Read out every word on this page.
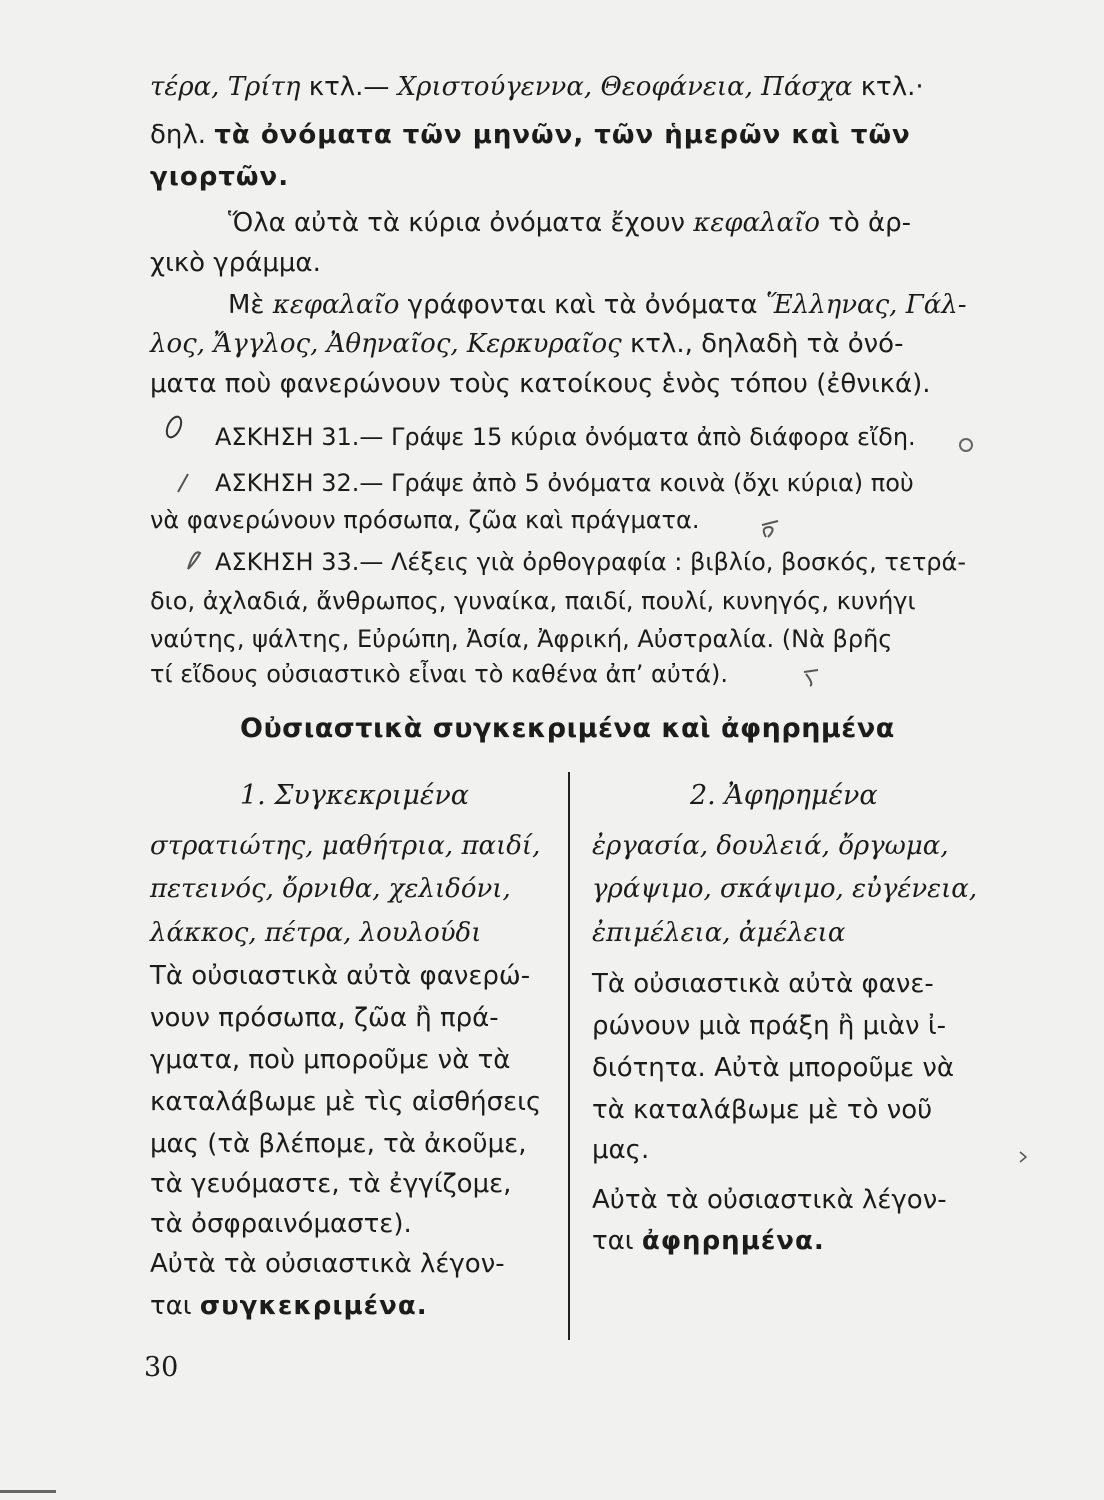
τέρα, Τρίτη κτλ.— Χριστούγεννα, Θεοφάνεια, Πάσχα κτλ.·
δηλ. τὰ ὀνόματα τῶν μηνῶν, τῶν ἡμερῶν καὶ τῶν
γιορτῶν.
Ὅλα αὐτὰ τὰ κύρια ὀνόματα ἔχουν κεφαλαῖο τὸ ἀρ-
χικὸ γράμμα.
Μὲ κεφαλαῖο γράφονται καὶ τὰ ὀνόματα Ἕλληνας, Γάλ-
λος, Ἄγγλος, Ἀθηναῖος, Κερκυραῖος κτλ., δηλαδὴ τὰ ὀνό-
ματα ποὺ φανερώνουν τοὺς κατοίκους ἑνὸς τόπου (ἐθνικά).
ΑΣΚΗΣΗ 31.— Γράψε 15 κύρια ὀνόματα ἀπὸ διάφορα εἴδη.
ΑΣΚΗΣΗ 32.— Γράψε ἀπὸ 5 ὀνόματα κοινὰ (ὄχι κύρια) ποὺ
νὰ φανερώνουν πρόσωπα, ζῶα καὶ πράγματα.
ΑΣΚΗΣΗ 33.— Λέξεις γιὰ ὀρθογραφία : βιβλίο, βοσκός, τετρά-
διο, ἀχλαδιά, ἄνθρωπος, γυναίκα, παιδί, πουλί, κυνηγός, κυνήγι
ναύτης, ψάλτης, Εὐρώπη, Ἀσία, Ἀφρική, Αὐστραλία. (Νὰ βρῆς
τί εἴδους οὐσιαστικὸ εἶναι τὸ καθένα ἀπ’ αὐτά).
Οὐσιαστικὰ συγκεκριμένα καὶ ἀφηρημένα
1. Συγκεκριμένα
στρατιώτης, μαθήτρια, παιδί,
πετεινός, ὄρνιθα, χελιδόνι,
λάκκος, πέτρα, λουλούδι
Τὰ οὐσιαστικὰ αὐτὰ φανερώ-
νουν πρόσωπα, ζῶα ἢ πρά-
γματα, ποὺ μποροῦμε νὰ τὰ
καταλάβωμε μὲ τὶς αἰσθήσεις
μας (τὰ βλέπομε, τὰ ἀκοῦμε,
τὰ γευόμαστε, τὰ ἐγγίζομε,
τὰ ὀσφραινόμαστε).
Αὐτὰ τὰ οὐσιαστικὰ λέγον-
ται συγκεκριμένα.
2. Ἀφηρημένα
ἐργασία, δουλειά, ὄργωμα,
γράψιμο, σκάψιμο, εὐγένεια,
ἐπιμέλεια, ἀμέλεια
Τὰ οὐσιαστικὰ αὐτὰ φανε-
ρώνουν μιὰ πράξη ἢ μιὰν ἰ-
διότητα. Αὐτὰ μποροῦμε νὰ
τὰ καταλάβωμε μὲ τὸ νοῦ
μας.
Αὐτὰ τὰ οὐσιαστικὰ λέγον-
ται ἀφηρημένα.
30
